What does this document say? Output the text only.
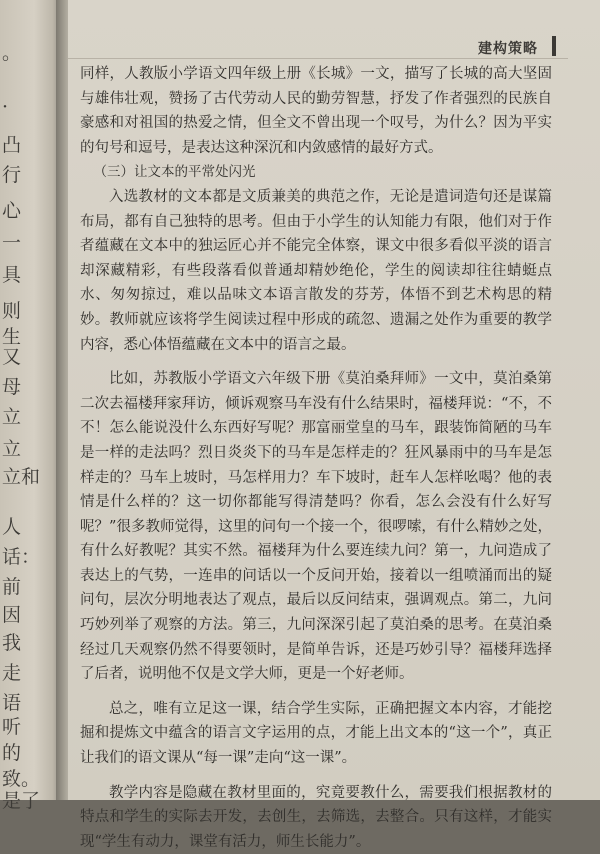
。
·
凸
行
心
一
具
则
生
又
母
立
立
立和
人
话：
前
因
我
走
语
听
的
致。
是了
建构策略

同样，人教版小学语文四年级上册《长城》一文，描写了长城的高大坚固与雄伟壮观，赞扬了古代劳动人民的勤劳智慧，抒发了作者强烈的民族自豪感和对祖国的热爱之情，但全文不曾出现一个叹号，为什么？因为平实的句号和逗号，是表达这种深沉和内敛感情的最好方式。

（三）让文本的平常处闪光

入选教材的文本都是文质兼美的典范之作，无论是遣词造句还是谋篇布局，都有自己独特的思考。但由于小学生的认知能力有限，他们对于作者蕴藏在文本中的独运匠心并不能完全体察，课文中很多看似平淡的语言却深藏精彩，有些段落看似普通却精妙绝伦，学生的阅读却往往蜻蜓点水、匆匆掠过，难以品味文本语言散发的芬芳，体悟不到艺术构思的精妙。教师就应该将学生阅读过程中形成的疏忽、遗漏之处作为重要的教学内容，悉心体悟蕴藏在文本中的语言之最。

比如，苏教版小学语文六年级下册《莫泊桑拜师》一文中，莫泊桑第二次去福楼拜家拜访，倾诉观察马车没有什么结果时，福楼拜说：“不，不不！怎么能说没什么东西好写呢？那富丽堂皇的马车，跟装饰简陋的马车是一样的走法吗？烈日炎炎下的马车是怎样走的？狂风暴雨中的马车是怎样走的？马车上坡时，马怎样用力？车下坡时，赶车人怎样吆喝？他的表情是什么样的？这一切你都能写得清楚吗？你看，怎么会没有什么好写呢？”很多教师觉得，这里的问句一个接一个，很啰嗦，有什么精妙之处，有什么好教呢？其实不然。福楼拜为什么要连续九问？第一，九问造成了表达上的气势，一连串的问话以一个反问开始，接着以一组喷涌而出的疑问句，层次分明地表达了观点，最后以反问结束，强调观点。第二，九问巧妙列举了观察的方法。第三，九问深深引起了莫泊桑的思考。在莫泊桑经过几天观察仍然不得要领时，是简单告诉，还是巧妙引导？福楼拜选择了后者，说明他不仅是文学大师，更是一个好老师。

总之，唯有立足这一课，结合学生实际，正确把握文本内容，才能挖掘和提炼文中蕴含的语言文字运用的点，才能上出文本的“这一个”，真正让我们的语文课从“每一课”走向“这一课”。

教学内容是隐藏在教材里面的，究竟要教什么，需要我们根据教材的特点和学生的实际去开发，去创生，去筛选，去整合。只有这样，才能实现“学生有动力，课堂有活力，师生长能力”。
